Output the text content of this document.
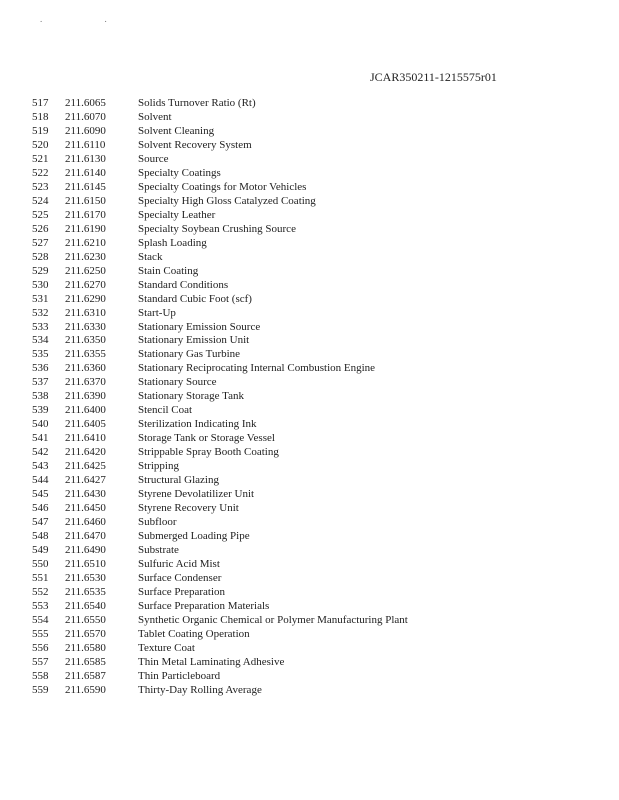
. .
JCAR350211-1215575r01
517 211.6065	Solids Turnover Ratio (Rt)
518 211.6070	Solvent
519 211.6090	Solvent Cleaning
520 211.6110	Solvent Recovery System
521 211.6130	Source
522 211.6140	Specialty Coatings
523 211.6145	Specialty Coatings for Motor Vehicles
524 211.6150	Specialty High Gloss Catalyzed Coating
525 211.6170	Specialty Leather
526 211.6190	Specialty Soybean Crushing Source
527 211.6210	Splash Loading
528 211.6230	Stack
529 211.6250	Stain Coating
530 211.6270	Standard Conditions
531 211.6290	Standard Cubic Foot (scf)
532 211.6310	Start-Up
533 211.6330	Stationary Emission Source
534 211.6350	Stationary Emission Unit
535 211.6355	Stationary Gas Turbine
536 211.6360	Stationary Reciprocating Internal Combustion Engine
537 211.6370	Stationary Source
538 211.6390	Stationary Storage Tank
539 211.6400	Stencil Coat
540 211.6405	Sterilization Indicating Ink
541 211.6410	Storage Tank or Storage Vessel
542 211.6420	Strippable Spray Booth Coating
543 211.6425	Stripping
544 211.6427	Structural Glazing
545 211.6430	Styrene Devolatilizer Unit
546 211.6450	Styrene Recovery Unit
547 211.6460	Subfloor
548 211.6470	Submerged Loading Pipe
549 211.6490	Substrate
550 211.6510	Sulfuric Acid Mist
551 211.6530	Surface Condenser
552 211.6535	Surface Preparation
553 211.6540	Surface Preparation Materials
554 211.6550	Synthetic Organic Chemical or Polymer Manufacturing Plant
555 211.6570	Tablet Coating Operation
556 211.6580	Texture Coat
557 211.6585	Thin Metal Laminating Adhesive
558 211.6587	Thin Particleboard
559 211.6590	Thirty-Day Rolling Average
